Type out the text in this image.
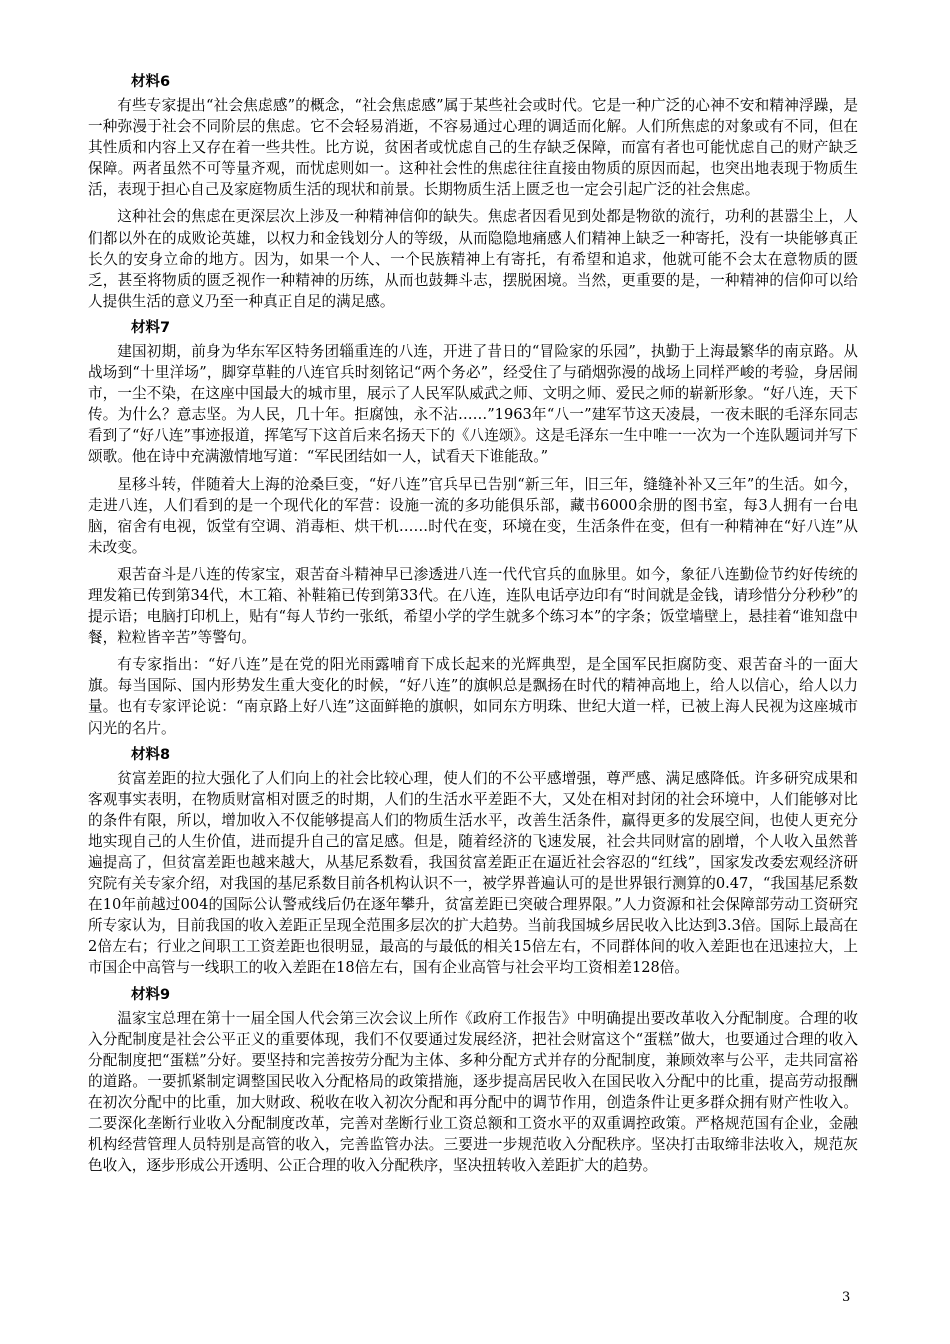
材料6

有些专家提出“社会焦虑感”的概念，“社会焦虑感”属于某些社会或时代。它是一种广泛的心神不安和精神浮躁，是一种弥漫于社会不同阶层的焦虑。它不会轻易消逝，不容易通过心理的调适而化解。人们所焦虑的对象或有不同，但在其性质和内容上又存在着一些共性。比方说，贫困者或忧虑自己的生存缺乏保障，而富有者也可能忧虑自己的财产缺乏保障。两者虽然不可等量齐观，而忧虑则如一。这种社会性的焦虑往往直接由物质的原因而起，也突出地表现于物质生活，表现于担心自己及家庭物质生活的现状和前景。长期物质生活上匮乏也一定会引起广泛的社会焦虑。

这种社会的焦虑在更深层次上涉及一种精神信仰的缺失。焦虑者因看见到处都是物欲的流行，功利的甚嚣尘上，人们都以外在的成败论英雄，以权力和金钱划分人的等级，从而隐隐地痛感人们精神上缺乏一种寄托，没有一块能够真正长久的安身立命的地方。因为，如果一个人、一个民族精神上有寄托，有希望和追求，他就可能不会太在意物质的匮乏，甚至将物质的匮乏视作一种精神的历练，从而也鼓舞斗志，摆脱困境。当然，更重要的是，一种精神的信仰可以给人提供生活的意义乃至一种真正自足的满足感。

材料7

建国初期，前身为华东军区特务团辎重连的八连，开进了昔日的“冒险家的乐园”，执勤于上海最繁华的南京路。从战场到“十里洋场”，脚穿草鞋的八连官兵时刻铭记“两个务必”，经受住了与硝烟弥漫的战场上同样严峻的考验，身居闹市，一尘不染，在这座中国最大的城市里，展示了人民军队威武之师、文明之师、爱民之师的崭新形象。“好八连，天下传。为什么？意志坚。为人民，几十年。拒腐蚀，永不沾……”1963年“八一”建军节这天凌晨，一夜未眠的毛泽东同志看到了“好八连”事迹报道，挥笔写下这首后来名扬天下的《八连颂》。这是毛泽东一生中唯一一次为一个连队题词并写下颂歌。他在诗中充满激情地写道：“军民团结如一人，试看天下谁能敌。”

星移斗转，伴随着大上海的沧桑巨变，“好八连”官兵早已告别“新三年，旧三年，缝缝补补又三年”的生活。如今，走进八连，人们看到的是一个现代化的军营：设施一流的多功能俱乐部，藏书6000余册的图书室，每3人拥有一台电脑，宿舍有电视，饭堂有空调、消毒柜、烘干机……时代在变，环境在变，生活条件在变，但有一种精神在“好八连”从未改变。

艰苦奋斗是八连的传家宝，艰苦奋斗精神早已渗透进八连一代代官兵的血脉里。如今，象征八连勤俭节约好传统的理发箱已传到第34代，木工箱、补鞋箱已传到第33代。在八连，连队电话亭边印有“时间就是金钱，请珍惜分分秒秒”的提示语；电脑打印机上，贴有“每人节约一张纸，希望小学的学生就多个练习本”的字条；饭堂墙壁上，悬挂着“谁知盘中餐，粒粒皆辛苦”等警句。

有专家指出：“好八连”是在党的阳光雨露哺育下成长起来的光辉典型，是全国军民拒腐防变、艰苦奋斗的一面大旗。每当国际、国内形势发生重大变化的时候，“好八连”的旗帜总是飘扬在时代的精神高地上，给人以信心，给人以力量。也有专家评论说：“南京路上好八连”这面鲜艳的旗帜，如同东方明珠、世纪大道一样，已被上海人民视为这座城市闪光的名片。

材料8

贫富差距的拉大强化了人们向上的社会比较心理，使人们的不公平感增强，尊严感、满足感降低。许多研究成果和客观事实表明，在物质财富相对匮乏的时期，人们的生活水平差距不大，又处在相对封闭的社会环境中，人们能够对比的条件有限，所以，增加收入不仅能够提高人们的物质生活水平，改善生活条件，赢得更多的发展空间，也使人更充分地实现自己的人生价值，进而提升自己的富足感。但是，随着经济的飞速发展，社会共同财富的剧增，个人收入虽然普遍提高了，但贫富差距也越来越大，从基尼系数看，我国贫富差距正在逼近社会容忍的“红线”，国家发改委宏观经济研究院有关专家介绍，对我国的基尼系数目前各机构认识不一，被学界普遍认可的是世界银行测算的0.47，“我国基尼系数在10年前越过004的国际公认警戒线后仍在逐年攀升，贫富差距已突破合理界限。”人力资源和社会保障部劳动工资研究所专家认为，目前我国的收入差距正呈现全范围多层次的扩大趋势。当前我国城乡居民收入比达到3.3倍。国际上最高在2倍左右；行业之间职工工资差距也很明显，最高的与最低的相关15倍左右，不同群体间的收入差距也在迅速拉大，上市国企中高管与一线职工的收入差距在18倍左右，国有企业高管与社会平均工资相差128倍。

材料9

温家宝总理在第十一届全国人代会第三次会议上所作《政府工作报告》中明确提出要改革收入分配制度。合理的收入分配制度是社会公平正义的重要体现，我们不仅要通过发展经济，把社会财富这个“蛋糕”做大，也要通过合理的收入分配制度把“蛋糕”分好。要坚持和完善按劳分配为主体、多种分配方式并存的分配制度，兼顾效率与公平，走共同富裕的道路。一要抓紧制定调整国民收入分配格局的政策措施，逐步提高居民收入在国民收入分配中的比重，提高劳动报酬在初次分配中的比重，加大财政、税收在收入初次分配和再分配中的调节作用，创造条件让更多群众拥有财产性收入。二要深化垄断行业收入分配制度改革，完善对垄断行业工资总额和工资水平的双重调控政策。严格规范国有企业，金融机构经营管理人员特别是高管的收入，完善监管办法。三要进一步规范收入分配秩序。坚决打击取缔非法收入，规范灰色收入，逐步形成公开透明、公正合理的收入分配秩序，坚决扭转收入差距扩大的趋势。

3
